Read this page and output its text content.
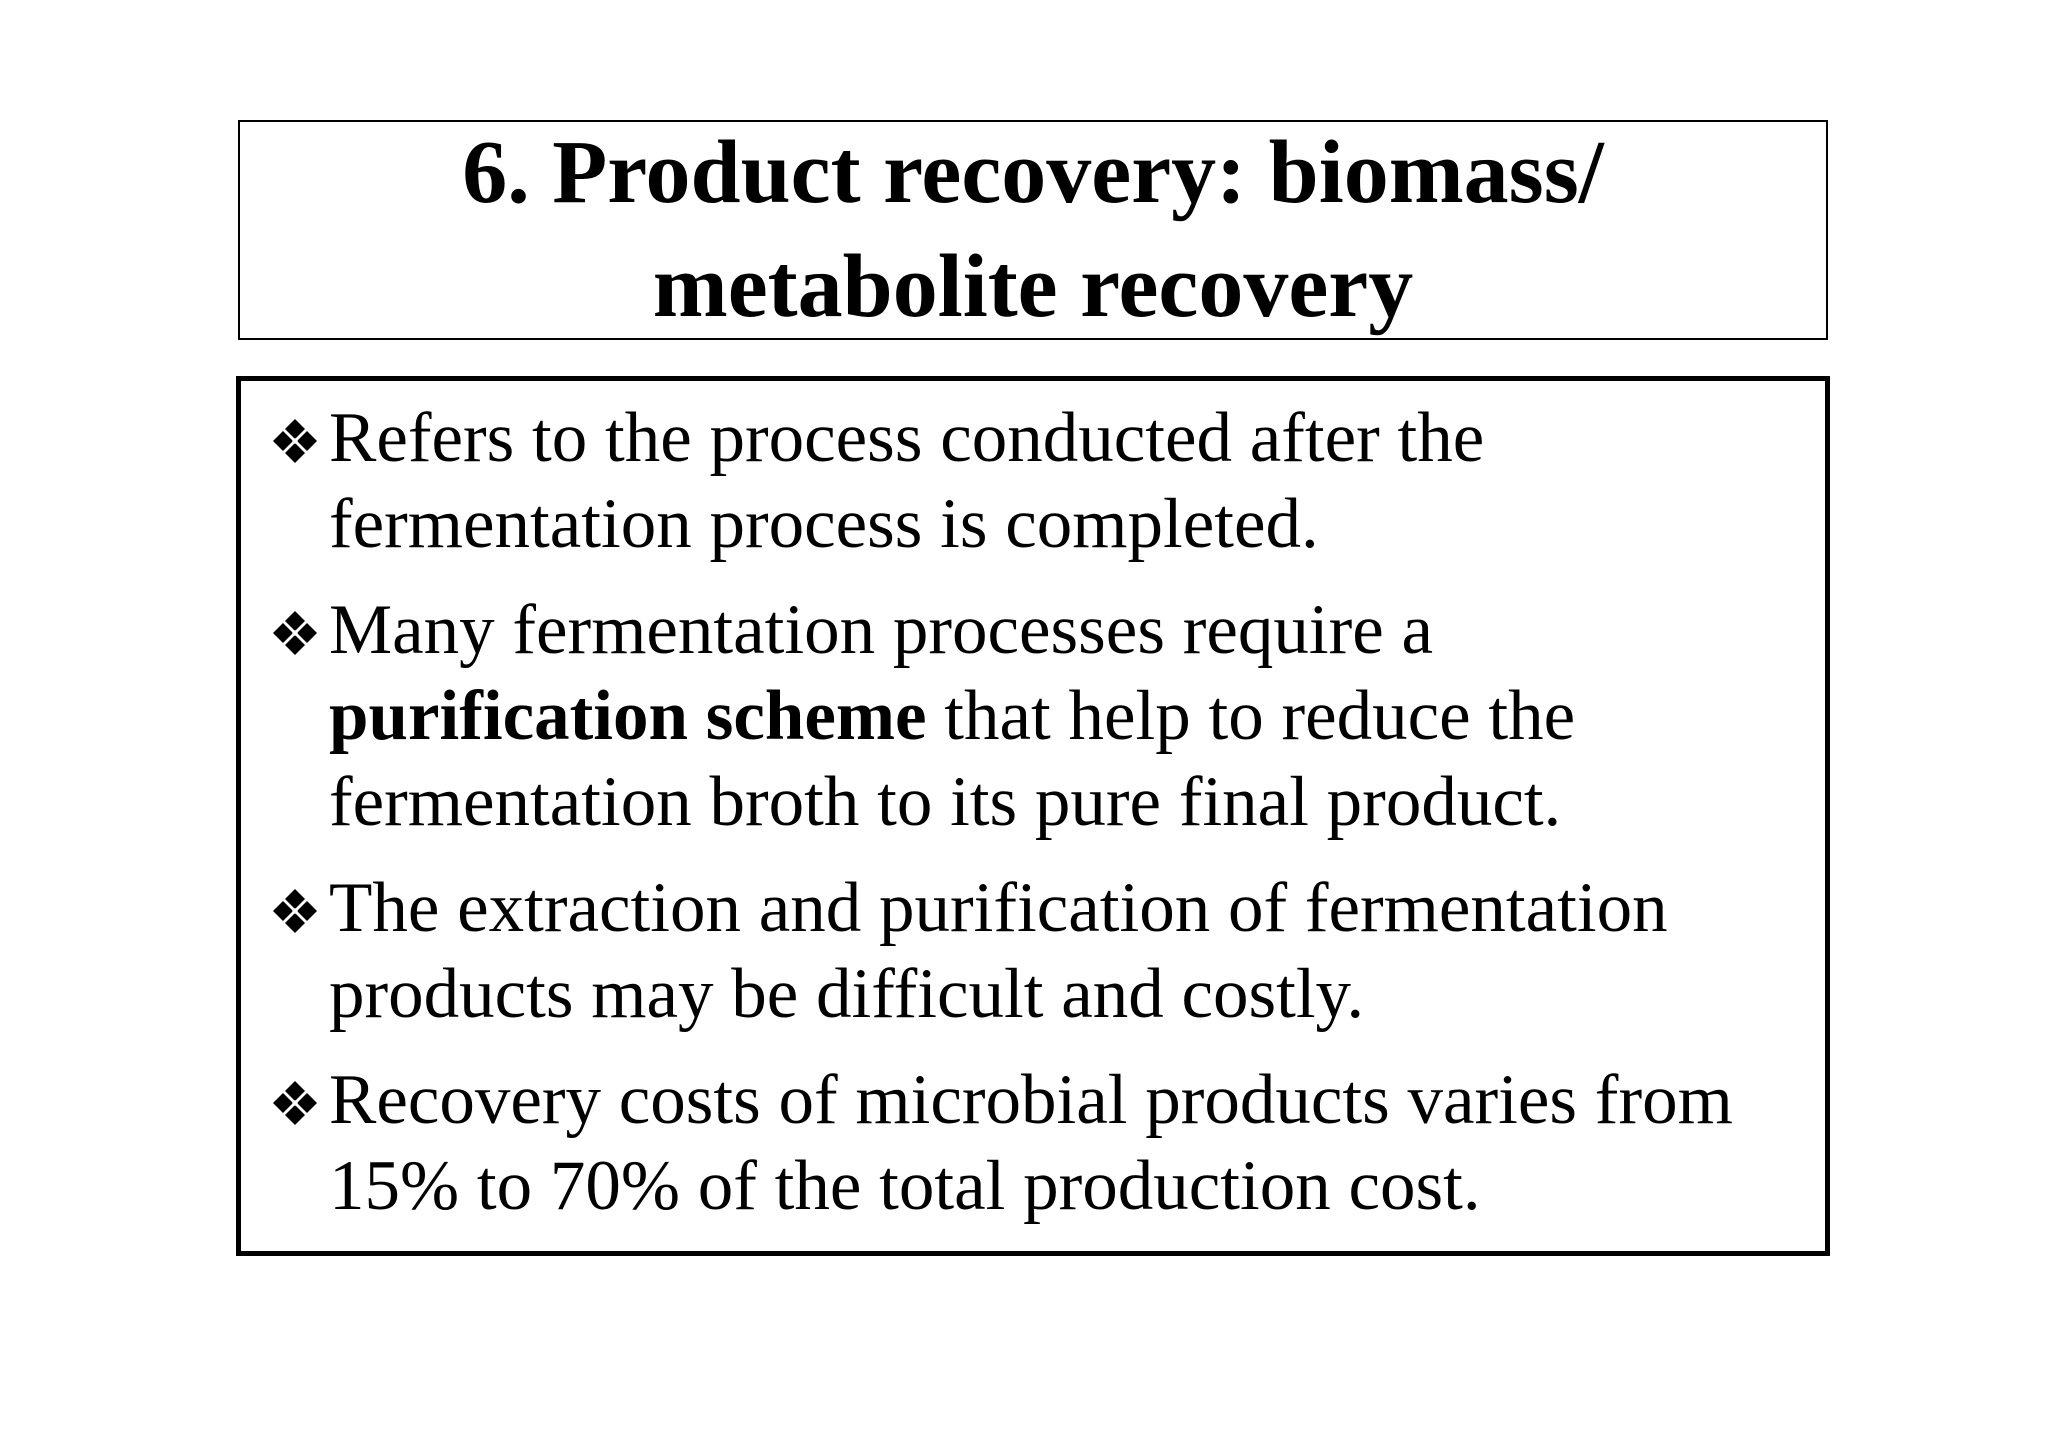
6. Product recovery: biomass/
metabolite recovery
Refers to the process conducted after the fermentation process is completed.
Many fermentation processes require a purification scheme that help to reduce the fermentation broth to its pure final product.
The extraction and purification of fermentation products may be difficult and costly.
Recovery costs of microbial products varies from 15% to 70% of the total production cost.
